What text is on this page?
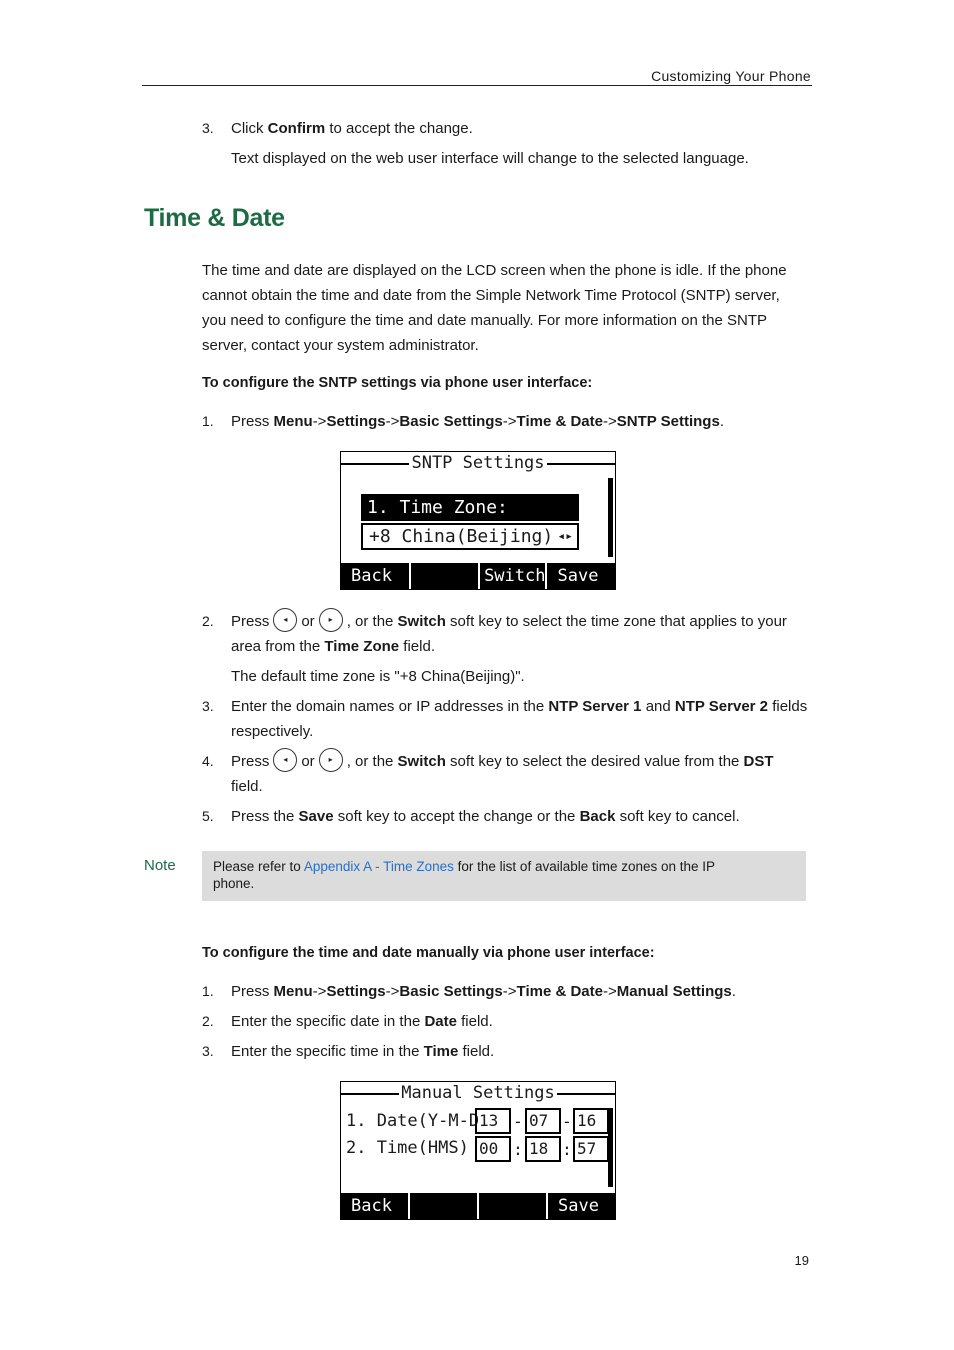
Customizing Your Phone
3. Click Confirm to accept the change.
Text displayed on the web user interface will change to the selected language.
Time & Date
The time and date are displayed on the LCD screen when the phone is idle. If the phone
cannot obtain the time and date from the Simple Network Time Protocol (SNTP) server,
you need to configure the time and date manually. For more information on the SNTP
server, contact your system administrator.
To configure the SNTP settings via phone user interface:
1. Press Menu->Settings->Basic Settings->Time & Date->SNTP Settings.
SNTP Settings
1. Time Zone:
+8 China(Beijing) ◂▸
Back	Switch Save
2. Press ◂ or ▸ , or the Switch soft key to select the time zone that applies to your
area from the Time Zone field.
The default time zone is "+8 China(Beijing)".
3. Enter the domain names or IP addresses in the NTP Server 1 and NTP Server 2 fields
respectively.
4. Press ◂ or ▸ , or the Switch soft key to select the desired value from the DST
field.
5. Press the Save soft key to accept the change or the Back soft key to cancel.
Note	Please refer to Appendix A - Time Zones for the list of available time zones on the IP
phone.
To configure the time and date manually via phone user interface:
1. Press Menu->Settings->Basic Settings->Time & Date->Manual Settings.
2. Enter the specific date in the Date field.
3. Enter the specific time in the Time field.
Manual Settings
1. Date(Y-M-D 13 - 07 - 16
2. Time(HMS) 00 : 18 : 57
Back	Save
19
